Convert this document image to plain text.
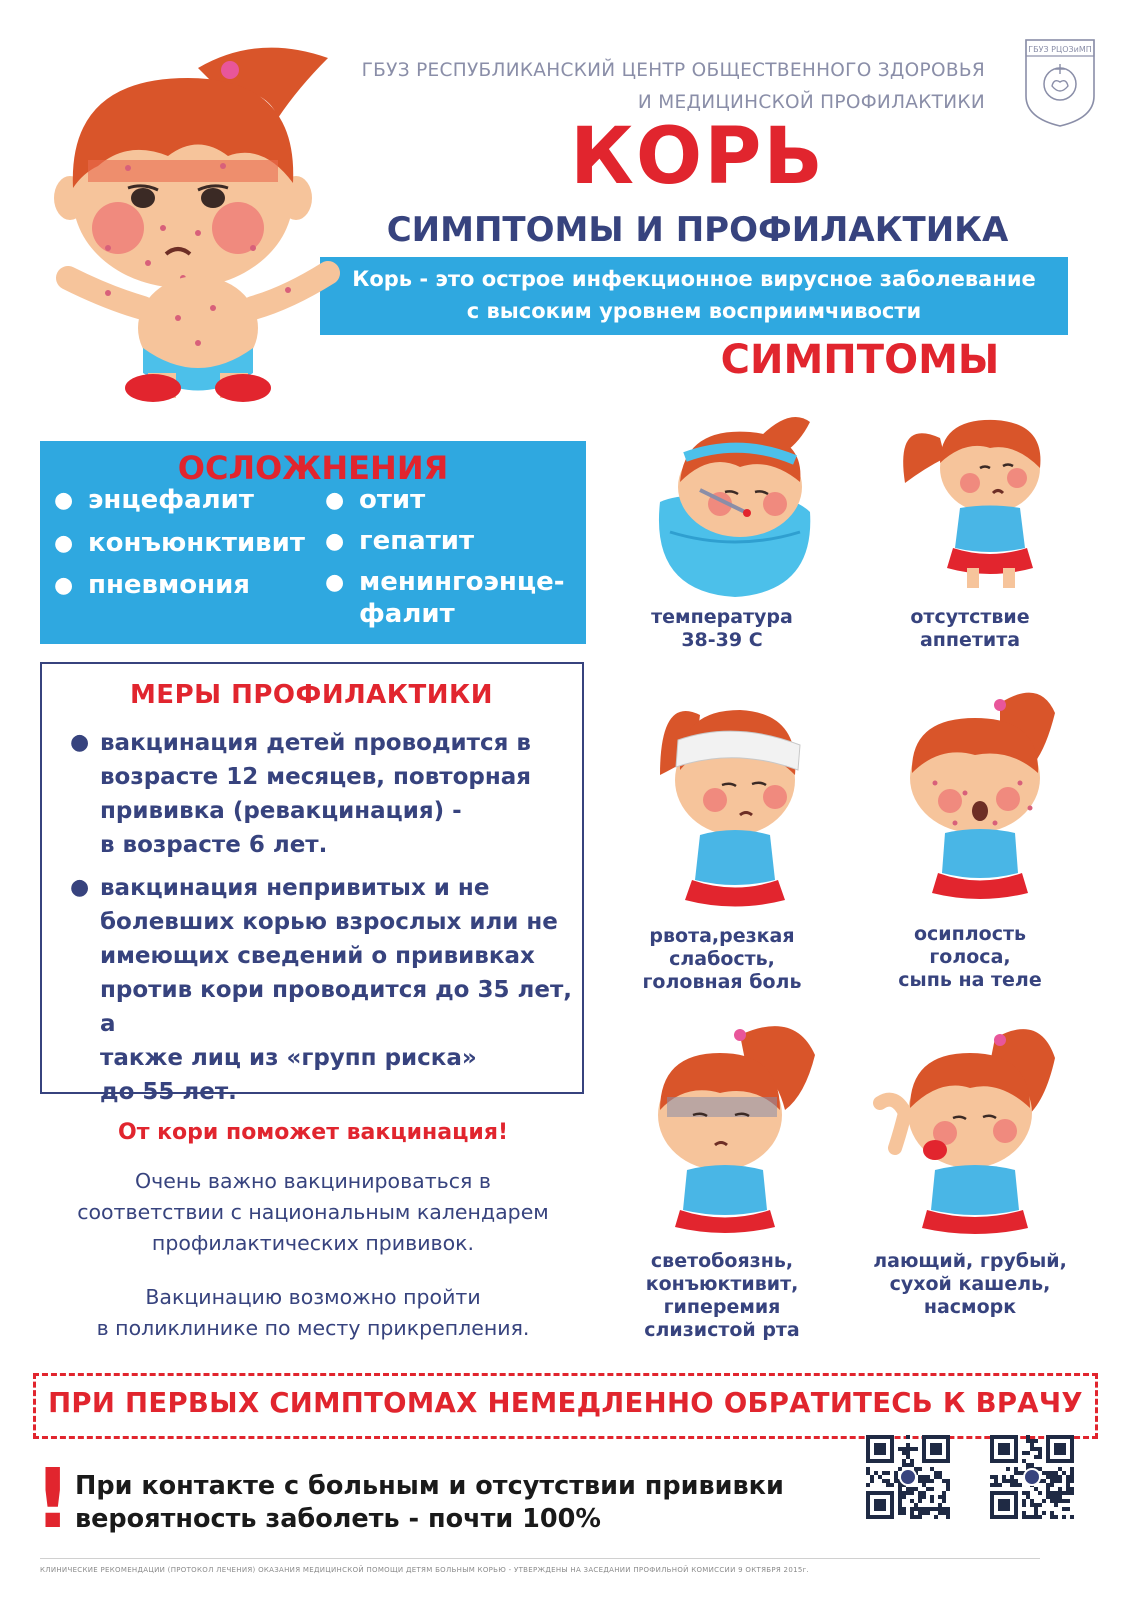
ГБУЗ РЕСПУБЛИКАНСКИЙ ЦЕНТР ОБЩЕСТВЕННОГО ЗДОРОВЬЯ
И МЕДИЦИНСКОЙ ПРОФИЛАКТИКИ
ГБУЗ РЦОЗиМП
КОРЬ
СИМПТОМЫ И ПРОФИЛАКТИКА
Корь - это острое инфекционное вирусное заболевание
с высоким уровнем восприимчивости
СИМПТОМЫ
ОСЛОЖНЕНИЯ
● энцефалит	● отит
● конъюнктивит ● гепатит
● пневмония	● менингоэнце-
фалит
МЕРЫ ПРОФИЛАКТИКИ
● вакцинация детей проводится в
возрасте 12 месяцев, повторная
прививка (ревакцинация) -
в возрасте 6 лет.
● вакцинация непривитых и не
болевших корью взрослых или не
имеющих сведений о прививках
против кори проводится до 35 лет, а
также лиц из «групп риска»
до 55 лет.
От кори поможет вакцинация!
Очень важно вакцинироваться в
соответствии с национальным календарем
профилактических прививок.
Вакцинацию возможно пройти
в поликлинике по месту прикрепления.
температура
38-39 С
отсутствие
аппетита
рвота,резкая
слабость,
головная боль
осиплость
голоса,
сыпь на теле
светобоязнь,
конъюктивит,
гиперемия
слизистой рта
лающий, грубый,
сухой кашель,
насморк
ПРИ ПЕРВЫХ СИМПТОМАХ НЕМЕДЛЕННО ОБРАТИТЕСЬ К ВРАЧУ
! При контакте с больным и отсутствии прививки
вероятность заболеть - почти 100%
КЛИНИЧЕСКИЕ РЕКОМЕНДАЦИИ (ПРОТОКОЛ ЛЕЧЕНИЯ) ОКАЗАНИЯ МЕДИЦИНСКОЙ ПОМОЩИ ДЕТЯМ БОЛЬНЫМ КОРЬЮ - УТВЕРЖДЕНЫ НА ЗАСЕДАНИИ ПРОФИЛЬНОЙ КОМИССИИ 9 ОКТЯБРЯ 2015г.
